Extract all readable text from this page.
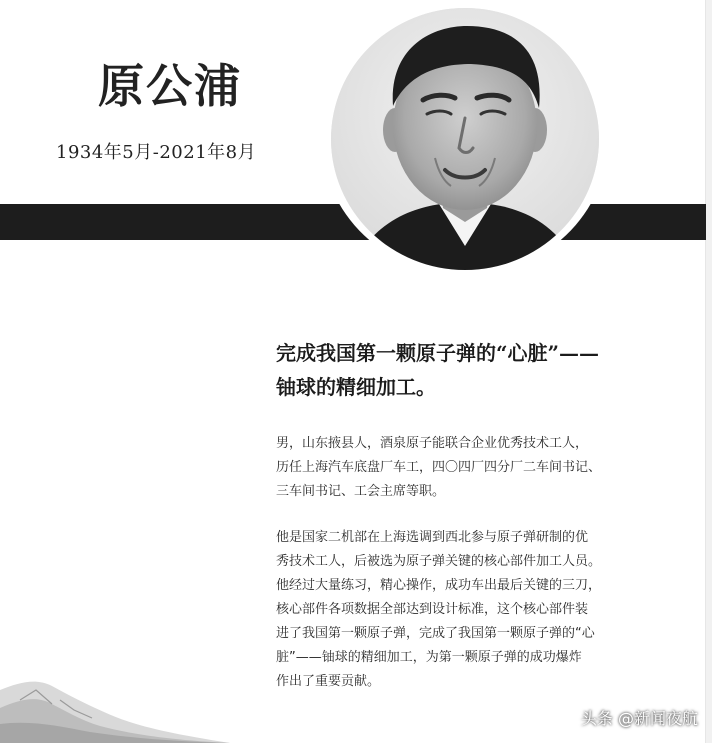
原公浦
1934年5月-2021年8月
完成我国第一颗原子弹的“心脏”——
铀球的精细加工。
男，山东掖县人，酒泉原子能联合企业优秀技术工人，
历任上海汽车底盘厂车工，四〇四厂四分厂二车间书记、
三车间书记、工会主席等职。
他是国家二机部在上海选调到西北参与原子弹研制的优
秀技术工人，后被选为原子弹关键的核心部件加工人员。
他经过大量练习，精心操作，成功车出最后关键的三刀，
核心部件各项数据全部达到设计标准，这个核心部件装
进了我国第一颗原子弹，完成了我国第一颗原子弹的“心
脏”——铀球的精细加工，为第一颗原子弹的成功爆炸
作出了重要贡献。
头条 @新闻夜航
